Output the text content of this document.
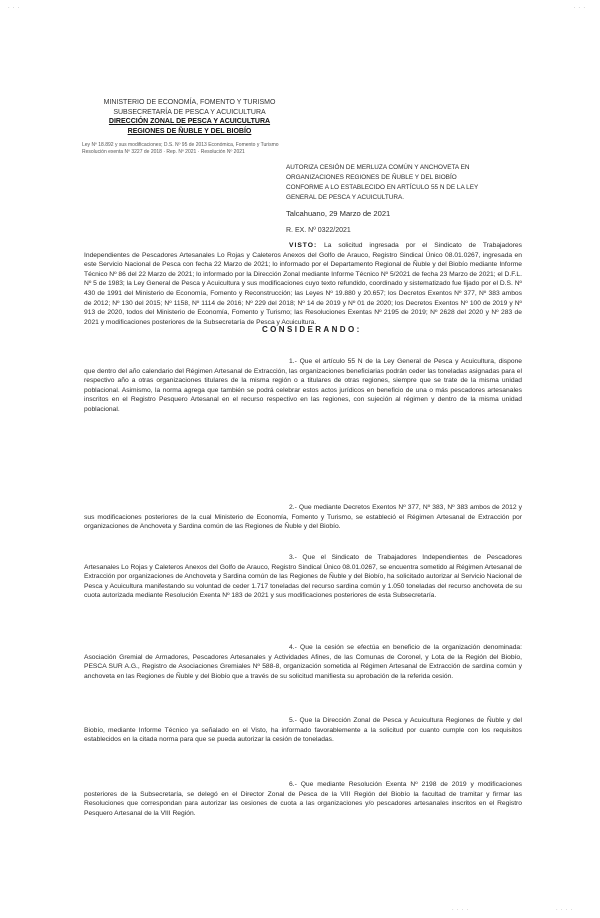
· · ·	· · ·
MINISTERIO DE ECONOMÍA, FOMENTO Y TURISMO
SUBSECRETARÍA DE PESCA Y ACUICULTURA
DIRECCIÓN ZONAL DE PESCA Y ACUICULTURA
REGIONES DE ÑUBLE Y DEL BIOBÍO
Ley Nº 18.892 y sus modificaciones; D.S. Nº 95 de 2013 Económica, Fomento y Turismo
Resolución exenta Nº 3227 de 2018 · Rep. Nº 2021 · Resolución Nº 2021
AUTORIZA CESIÓN DE MERLUZA COMÚN Y ANCHOVETA EN
ORGANIZACIONES REGIONES DE ÑUBLE Y DEL BIOBÍO
CONFORME A LO ESTABLECIDO EN ARTÍCULO 55 N DE LA LEY
GENERAL DE PESCA Y ACUICULTURA.
Talcahuano, 29 Marzo de 2021
R. EX. Nº 0322/2021
VISTO: La solicitud ingresada por el Sindicato de Trabajadores Independientes de Pescadores Artesanales Lo Rojas y Caleteros Anexos del Golfo de Arauco, Registro Sindical Único 08.01.0267, ingresada en este Servicio Nacional de Pesca con fecha 22 Marzo de 2021; lo informado por el Departamento Regional de Ñuble y del Biobío mediante Informe Técnico Nº 86 del 22 Marzo de 2021; lo informado por la Dirección Zonal mediante Informe Técnico Nº 5/2021 de fecha 23 Marzo de 2021; el D.F.L. Nº 5 de 1983; la Ley General de Pesca y Acuicultura y sus modificaciones cuyo texto refundido, coordinado y sistematizado fue fijado por el D.S. Nº 430 de 1991 del Ministerio de Economía, Fomento y Reconstrucción; las Leyes Nº 19.880 y 20.657; los Decretos Exentos Nº 377, Nº 383 ambos de 2012; Nº 130 del 2015; Nº 1158, Nº 1114 de 2016; Nº 229 del 2018; Nº 14 de 2019 y Nº 01 de 2020; los Decretos Exentos Nº 100 de 2019 y Nº 913 de 2020, todos del Ministerio de Economía, Fomento y Turismo; las Resoluciones Exentas Nº 2195 de 2019; Nº 2628 del 2020 y Nº 283 de 2021 y modificaciones posteriores de la Subsecretaría de Pesca y Acuicultura.
CONSIDERANDO:
1.- Que el artículo 55 N de la Ley General de Pesca y Acuicultura, dispone que dentro del año calendario del Régimen Artesanal de Extracción, las organizaciones beneficiarias podrán ceder las toneladas asignadas para el respectivo año a otras organizaciones titulares de la misma región o a titulares de otras regiones, siempre que se trate de la misma unidad poblacional. Asimismo, la norma agrega que también se podrá celebrar estos actos jurídicos en beneficio de una o más pescadores artesanales inscritos en el Registro Pesquero Artesanal en el recurso respectivo en las regiones, con sujeción al régimen y dentro de la misma unidad poblacional.
2.- Que mediante Decretos Exentos Nº 377, Nº 383, Nº 383 ambos de 2012 y sus modificaciones posteriores de la cual Ministerio de Economía, Fomento y Turismo, se estableció el Régimen Artesanal de Extracción por organizaciones de Anchoveta y Sardina común de las Regiones de Ñuble y del Biobío.
3.- Que el Sindicato de Trabajadores Independientes de Pescadores Artesanales Lo Rojas y Caleteros Anexos del Golfo de Arauco, Registro Sindical Único 08.01.0267, se encuentra sometido al Régimen Artesanal de Extracción por organizaciones de Anchoveta y Sardina común de las Regiones de Ñuble y del Biobío, ha solicitado autorizar al Servicio Nacional de Pesca y Acuicultura manifestando su voluntad de ceder 1.717 toneladas del recurso sardina común y 1.050 toneladas del recurso anchoveta de su cuota autorizada mediante Resolución Exenta Nº 183 de 2021 y sus modificaciones posteriores de esta Subsecretaría.
4.- Que la cesión se efectúa en beneficio de la organización denominada: Asociación Gremial de Armadores, Pescadores Artesanales y Actividades Afines, de las Comunas de Coronel, y Lota de la Región del Biobío, PESCA SUR A.G., Registro de Asociaciones Gremiales Nº 588-8, organización sometida al Régimen Artesanal de Extracción de sardina común y anchoveta en las Regiones de Ñuble y del Biobío que a través de su solicitud manifiesta su aprobación de la referida cesión.
5.- Que la Dirección Zonal de Pesca y Acuicultura Regiones de Ñuble y del Biobío, mediante Informe Técnico ya señalado en el Visto, ha informado favorablemente a la solicitud por cuanto cumple con los requisitos establecidos en la citada norma para que se pueda autorizar la cesión de toneladas.
6.- Que mediante Resolución Exenta Nº 2198 de 2019 y modificaciones posteriores de la Subsecretaría, se delegó en el Director Zonal de Pesca de la VIII Región del Biobío la facultad de tramitar y firmar las Resoluciones que correspondan para autorizar las cesiones de cuota a las organizaciones y/o pescadores artesanales inscritos en el Registro Pesquero Artesanal de la VIII Región.
· · · ·	· · · ·
